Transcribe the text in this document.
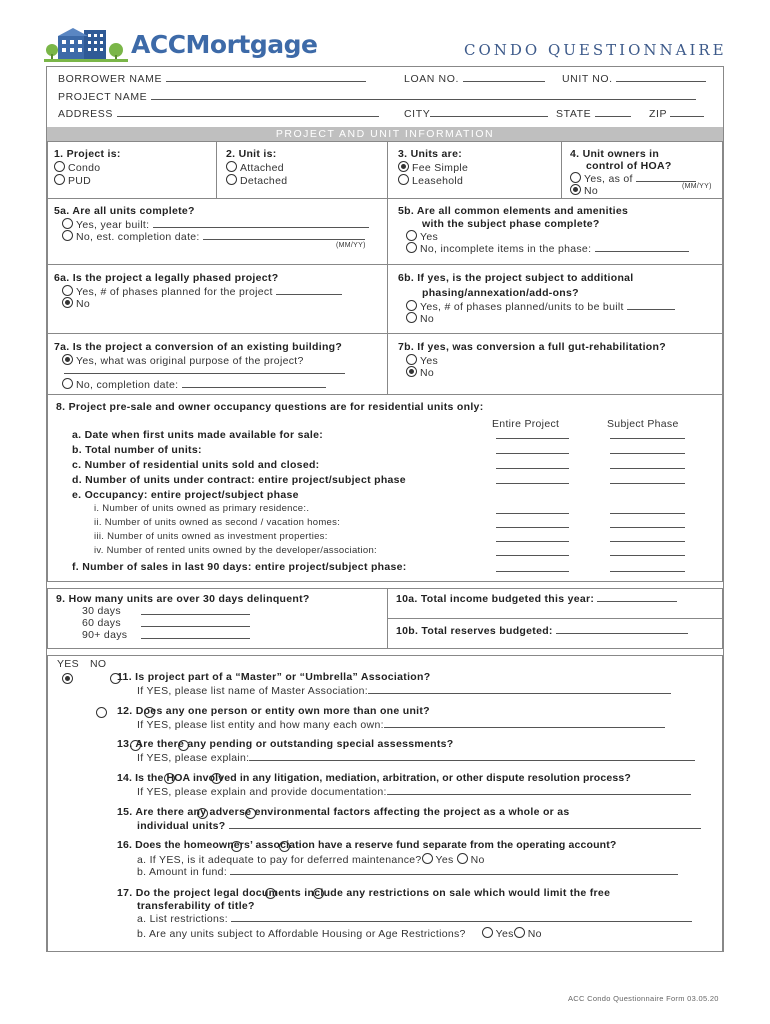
ACCMortgage	CONDO QUESTIONNAIRE
BORROWER NAME	LOAN NO.	UNIT NO.
PROJECT NAME
ADDRESS	CITY	STATE	ZIP
PROJECT AND UNIT INFORMATION
1. Project is:
Condo
PUD
2. Unit is:
Attached
Detached
3. Units are:
Fee Simple
Leasehold
4. Unit owners in
control of HOA?
Yes, as of
(MM/YY)
No
5a. Are all units complete?
Yes, year built:
No, est. completion date:
(MM/YY)
5b. Are all common elements and amenities
with the subject phase complete?
Yes
No, incomplete items in the phase:
6a. Is the project a legally phased project?
Yes, # of phases planned for the project
No
6b. If yes, is the project subject to additional
phasing/annexation/add-ons?
Yes, # of phases planned/units to be built
No
7a. Is the project a conversion of an existing building?
Yes, what was original purpose of the project?
No, completion date:
7b. If yes, was conversion a full gut-rehabilitation?
Yes
No
8. Project pre-sale and owner occupancy questions are for residential units only:
Entire Project	Subject Phase
a. Date when first units made available for sale:
b. Total number of units:
c. Number of residential units sold and closed:
d. Number of units under contract: entire project/subject phase
e. Occupancy: entire project/subject phase
i. Number of units owned as primary residence:.
ii. Number of units owned as second / vacation homes:
iii. Number of units owned as investment properties:
iv. Number of rented units owned by the developer/association:
f. Number of sales in last 90 days: entire project/subject phase:
9. How many units are over 30 days delinquent?
30 days
60 days
90+ days
10a. Total income budgeted this year:
10b. Total reserves budgeted:
YES NO

11. Is project part of a “Master” or “Umbrella” Association?
If YES, please list name of Master Association:

12. Does any one person or entity own more than one unit?
If YES, please list entity and how many each own:

13. Are there any pending or outstanding special assessments?
If YES, please explain:

14. Is the HOA involved in any litigation, mediation, arbitration, or other dispute resolution process?
If YES, please explain and provide documentation:

15. Are there any adverse environmental factors affecting the project as a whole or as
individual units?

16. Does the homeowners’ association have a reserve fund separate from the operating account?
a. If YES, is it adequate to pay for deferred maintenance? Yes No
b. Amount in fund:

17. Do the project legal documents include any restrictions on sale which would limit the free
transferability of title?
a. List restrictions:
b. Are any units subject to Affordable Housing or Age Restrictions?	Yes No
ACC Condo Questionnaire Form 03.05.20
